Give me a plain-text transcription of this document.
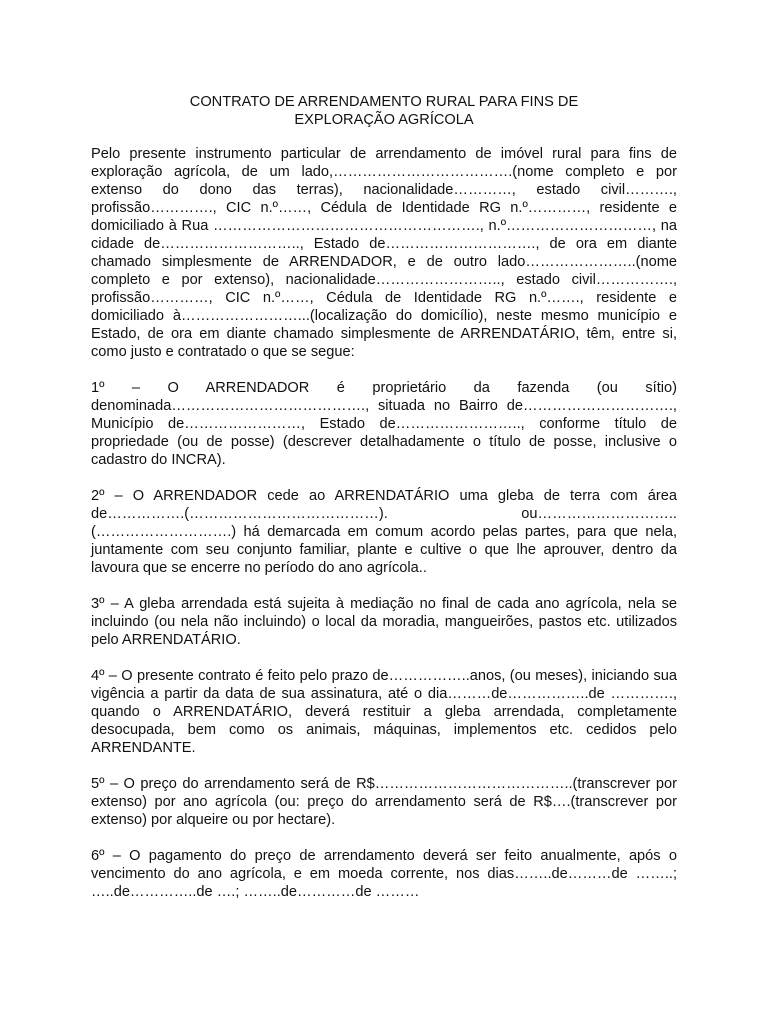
CONTRATO DE ARRENDAMENTO RURAL PARA FINS DE
EXPLORAÇÃO AGRÍCOLA

Pelo presente instrumento particular de arrendamento de imóvel rural para fins de exploração agrícola, de um lado,……………………………….(nome completo e por extenso do dono das terras), nacionalidade…………, estado civil………., profissão…………., CIC n.º……, Cédula de Identidade RG n.º…………, residente e domiciliado à Rua ………………………………………………., n.º…………………………, na cidade de……………………….., Estado de…………………………., de ora em diante chamado simplesmente de ARRENDADOR, e de outro lado…………………..(nome completo e por extenso), nacionalidade…………………….., estado civil……………., profissão…………, CIC n.º……, Cédula de Identidade RG n.º……., residente e domiciliado à……………………...(localização do domicílio), neste mesmo município e Estado, de ora em diante chamado simplesmente de ARRENDATÁRIO, têm, entre si, como justo e contratado o que se segue:

1º – O ARRENDADOR é proprietário da fazenda (ou sítio) denominada…………………………………., situada no Bairro de…………………………., Município de……………………, Estado de…………………….., conforme título de propriedade (ou de posse) (descrever detalhadamente o título de posse, inclusive o cadastro do INCRA).

2º – O ARRENDADOR cede ao ARRENDATÁRIO uma gleba de terra com área de…………….(…………………………………). ou………………………..(……………………….) há demarcada em comum acordo pelas partes, para que nela, juntamente com seu conjunto familiar, plante e cultive o que lhe aprouver, dentro da lavoura que se encerre no período do ano agrícola..

3º – A gleba arrendada está sujeita à mediação no final de cada ano agrícola, nela se incluindo (ou nela não incluindo) o local da moradia, mangueirões, pastos etc. utilizados pelo ARRENDATÁRIO.

4º – O presente contrato é feito pelo prazo de……………..anos, (ou meses), iniciando sua vigência a partir da data de sua assinatura, até o dia………de……………..de …………., quando o ARRENDATÁRIO, deverá restituir a gleba arrendada, completamente desocupada, bem como os animais, máquinas, implementos etc. cedidos pelo ARRENDANTE.

5º – O preço do arrendamento será de R$…………………………………..(transcrever por extenso) por ano agrícola (ou: preço do arrendamento será de R$….(transcrever por extenso) por alqueire ou por hectare).

6º – O pagamento do preço de arrendamento deverá ser feito anualmente, após o vencimento do ano agrícola, e em moeda corrente, nos dias……..de………de ……..; …..de…………..de ….; ……..de…………de ………
